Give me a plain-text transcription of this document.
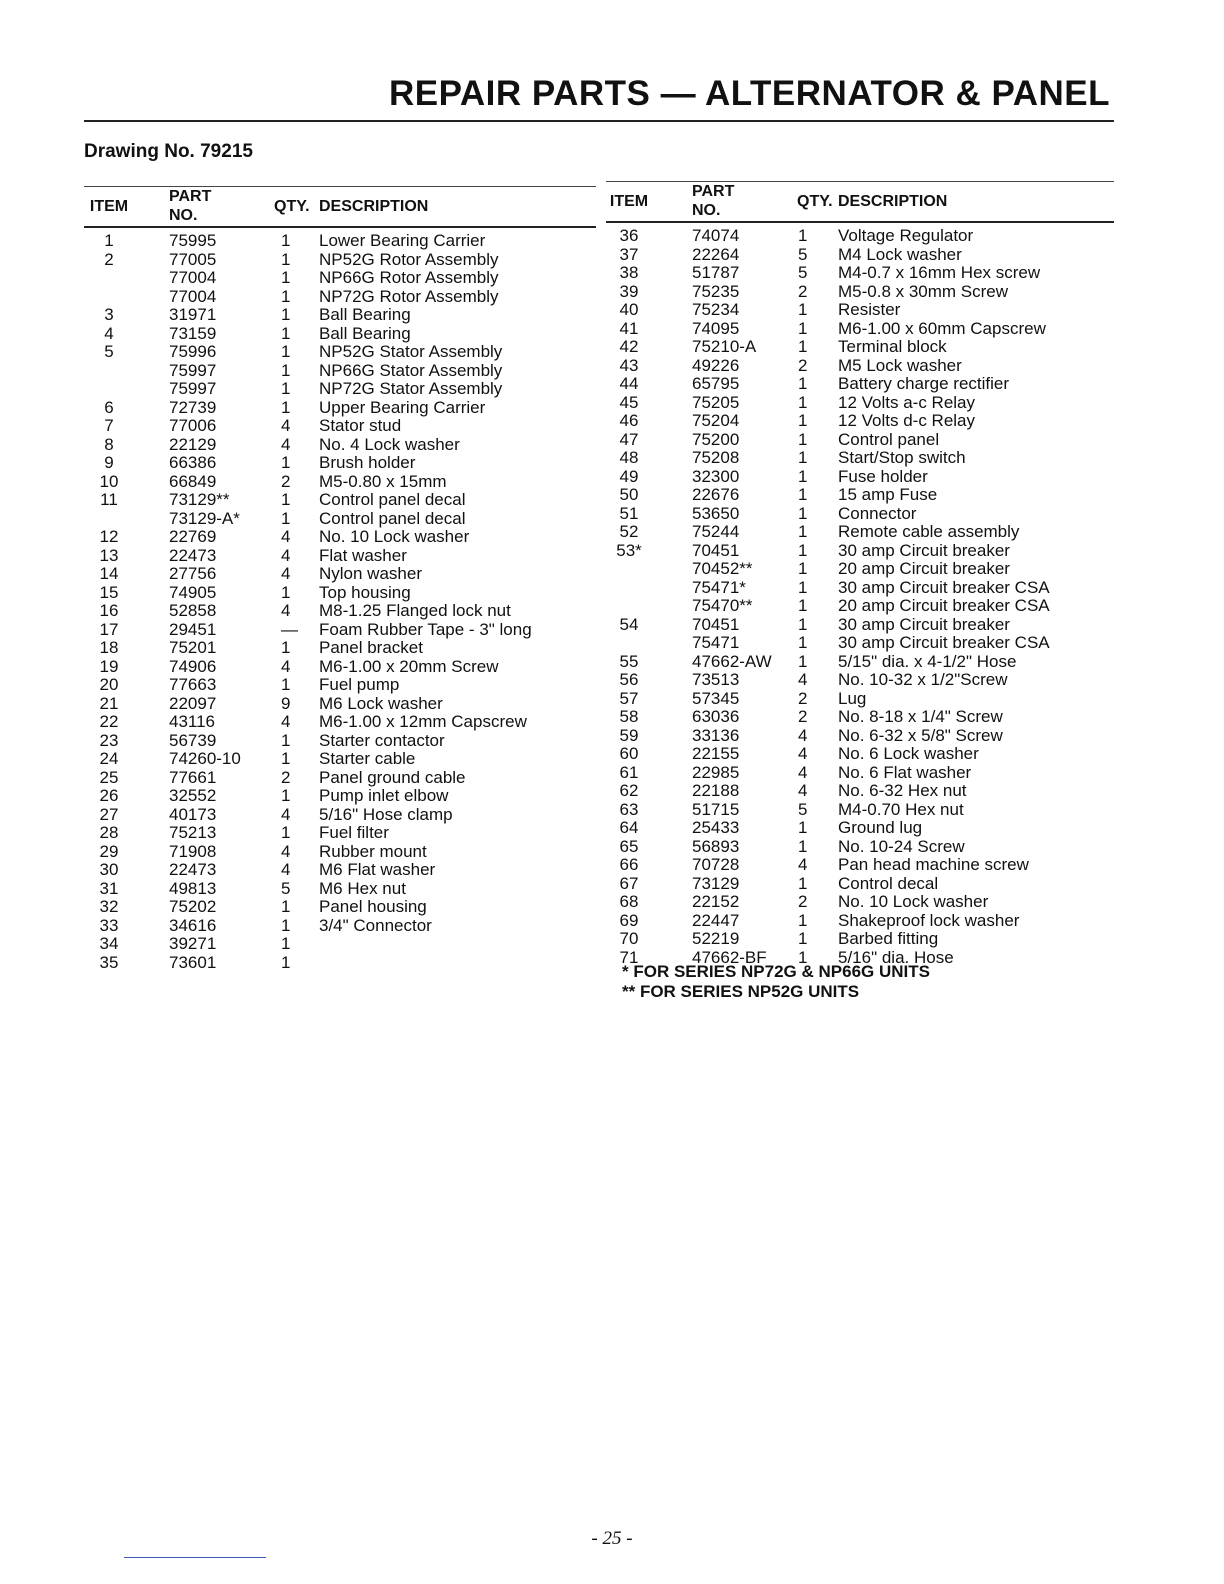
REPAIR PARTS — ALTERNATOR & PANEL

Drawing No. 79215

ITEM	PART NO.	QTY.	DESCRIPTION
1	75995	1	Lower Bearing Carrier
2	77005	1	NP52G Rotor Assembly
	77004	1	NP66G Rotor Assembly
	77004	1	NP72G Rotor Assembly
3	31971	1	Ball Bearing
4	73159	1	Ball Bearing
5	75996	1	NP52G Stator Assembly
	75997	1	NP66G Stator Assembly
	75997	1	NP72G Stator Assembly
6	72739	1	Upper Bearing Carrier
7	77006	4	Stator stud
8	22129	4	No. 4 Lock washer
9	66386	1	Brush holder
10	66849	2	M5-0.80 x 15mm
11	73129**	1	Control panel decal
	73129-A*	1	Control panel decal
12	22769	4	No. 10 Lock washer
13	22473	4	Flat washer
14	27756	4	Nylon washer
15	74905	1	Top housing
16	52858	4	M8-1.25 Flanged lock nut
17	29451	—	Foam Rubber Tape - 3" long
18	75201	1	Panel bracket
19	74906	4	M6-1.00 x 20mm Screw
20	77663	1	Fuel pump
21	22097	9	M6 Lock washer
22	43116	4	M6-1.00 x 12mm Capscrew
23	56739	1	Starter contactor
24	74260-10	1	Starter cable
25	77661	2	Panel ground cable
26	32552	1	Pump inlet elbow
27	40173	4	5/16" Hose clamp
28	75213	1	Fuel filter
29	71908	4	Rubber mount
30	22473	4	M6 Flat washer
31	49813	5	M6 Hex nut
32	75202	1	Panel housing
33	34616	1	3/4" Connector
34	39271	1	
35	73601	1	
ITEM	PART NO.	QTY.	DESCRIPTION
36	74074	1	Voltage Regulator
37	22264	5	M4 Lock washer
38	51787	5	M4-0.7 x 16mm Hex screw
39	75235	2	M5-0.8 x 30mm Screw
40	75234	1	Resister
41	74095	1	M6-1.00 x 60mm Capscrew
42	75210-A	1	Terminal block
43	49226	2	M5 Lock washer
44	65795	1	Battery charge rectifier
45	75205	1	12 Volts a-c Relay
46	75204	1	12 Volts d-c Relay
47	75200	1	Control panel
48	75208	1	Start/Stop switch
49	32300	1	Fuse holder
50	22676	1	15 amp Fuse
51	53650	1	Connector
52	75244	1	Remote cable assembly
53*	70451	1	30 amp Circuit breaker
	70452**	1	20 amp Circuit breaker
	75471*	1	30 amp Circuit breaker CSA
	75470**	1	20 amp Circuit breaker CSA
54	70451	1	30 amp Circuit breaker
	75471	1	30 amp Circuit breaker CSA
55	47662-AW	1	5/15" dia. x 4-1/2" Hose
56	73513	4	No. 10-32 x 1/2"Screw
57	57345	2	Lug
58	63036	2	No. 8-18 x 1/4" Screw
59	33136	4	No. 6-32 x 5/8" Screw
60	22155	4	No. 6 Lock washer
61	22985	4	No. 6 Flat washer
62	22188	4	No. 6-32 Hex nut
63	51715	5	M4-0.70 Hex nut
64	25433	1	Ground lug
65	56893	1	No. 10-24 Screw
66	70728	4	Pan head machine screw
67	73129	1	Control decal
68	22152	2	No. 10 Lock washer
69	22447	1	Shakeproof lock washer
70	52219	1	Barbed fitting
71	47662-BF	1	5/16" dia. Hose
* FOR SERIES NP72G & NP66G UNITS
** FOR SERIES NP52G UNITS
- 25 -
